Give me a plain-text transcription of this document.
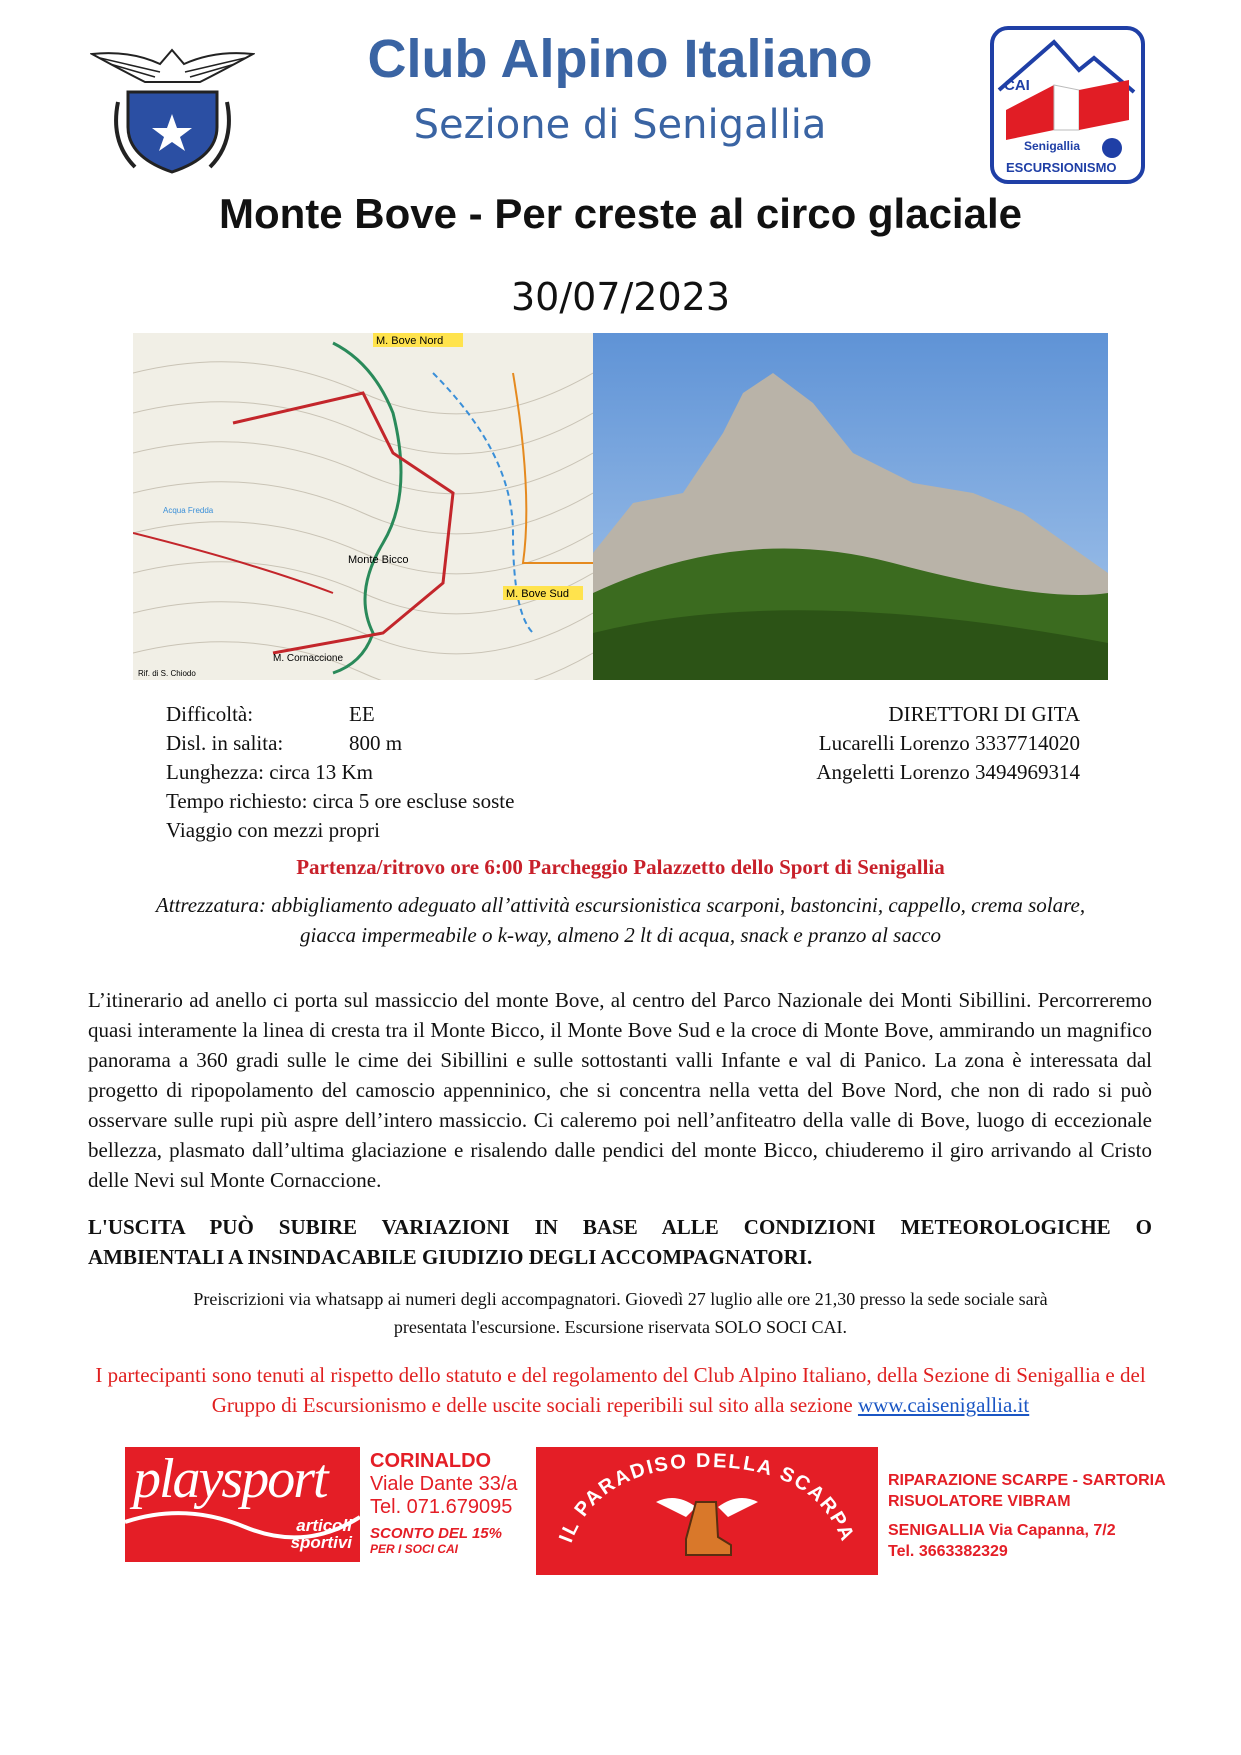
Club Alpino Italiano
Sezione di Senigallia
CAI
Senigallia
ESCURSIONISMO
Monte Bove - Per creste al circo glaciale
30/07/2023
M. Bove Nord
Monte Bicco
M. Bove Sud
M. Cornaccione
Rif. di S. Chiodo
Acqua Fredda
Difficoltà:	EE
Disl. in salita:	800 m
Lunghezza: circa 13 Km
Tempo richiesto: circa 5 ore escluse soste
Viaggio con mezzi propri
DIRETTORI DI GITA
Lucarelli Lorenzo 3337714020
Angeletti Lorenzo 3494969314
Partenza/ritrovo ore 6:00 Parcheggio Palazzetto dello Sport di Senigallia
Attrezzatura: abbigliamento adeguato all’attività escursionistica scarponi, bastoncini, cappello, crema solare,
giacca impermeabile o k-way, almeno 2 lt di acqua, snack e pranzo al sacco
L’itinerario ad anello ci porta sul massiccio del monte Bove, al centro del Parco Nazionale dei Monti Sibillini. Percorreremo quasi interamente la linea di cresta tra il Monte Bicco, il Monte Bove Sud e la croce di Monte Bove, ammirando un magnifico panorama a 360 gradi sulle le cime dei Sibillini e sulle sottostanti valli Infante e val di Panico. La zona è interessata dal progetto di ripopolamento del camoscio appenninico, che si concentra nella vetta del Bove Nord, che non di rado si può osservare sulle rupi più aspre dell’intero massiccio. Ci caleremo poi nell’anfiteatro della valle di Bove, luogo di eccezionale bellezza, plasmato dall’ultima glaciazione e risalendo dalle pendici del monte Bicco, chiuderemo il giro arrivando al Cristo delle Nevi sul Monte Cornaccione.
L'USCITA PUÒ SUBIRE VARIAZIONI IN BASE ALLE CONDIZIONI METEOROLOGICHE O
AMBIENTALI A INSINDACABILE GIUDIZIO DEGLI ACCOMPAGNATORI.
Preiscrizioni via whatsapp ai numeri degli accompagnatori. Giovedì 27 luglio alle ore 21,30 presso la sede sociale sarà
presentata l'escursione. Escursione riservata SOLO SOCI CAI.
I partecipanti sono tenuti al rispetto dello statuto e del regolamento del Club Alpino Italiano, della Sezione di Senigallia e del Gruppo di Escursionismo e delle uscite sociali reperibili sul sito alla sezione www.caisenigallia.it
playsport
articoli
sportivi
CORINALDO
Viale Dante 33/a
Tel. 071.679095
SCONTO DEL 15%
PER I SOCI CAI
IL PARADISO DELLA SCARPA
RIPARAZIONE SCARPE - SARTORIA
RISUOLATORE VIBRAM
SENIGALLIA Via Capanna, 7/2
Tel. 3663382329
